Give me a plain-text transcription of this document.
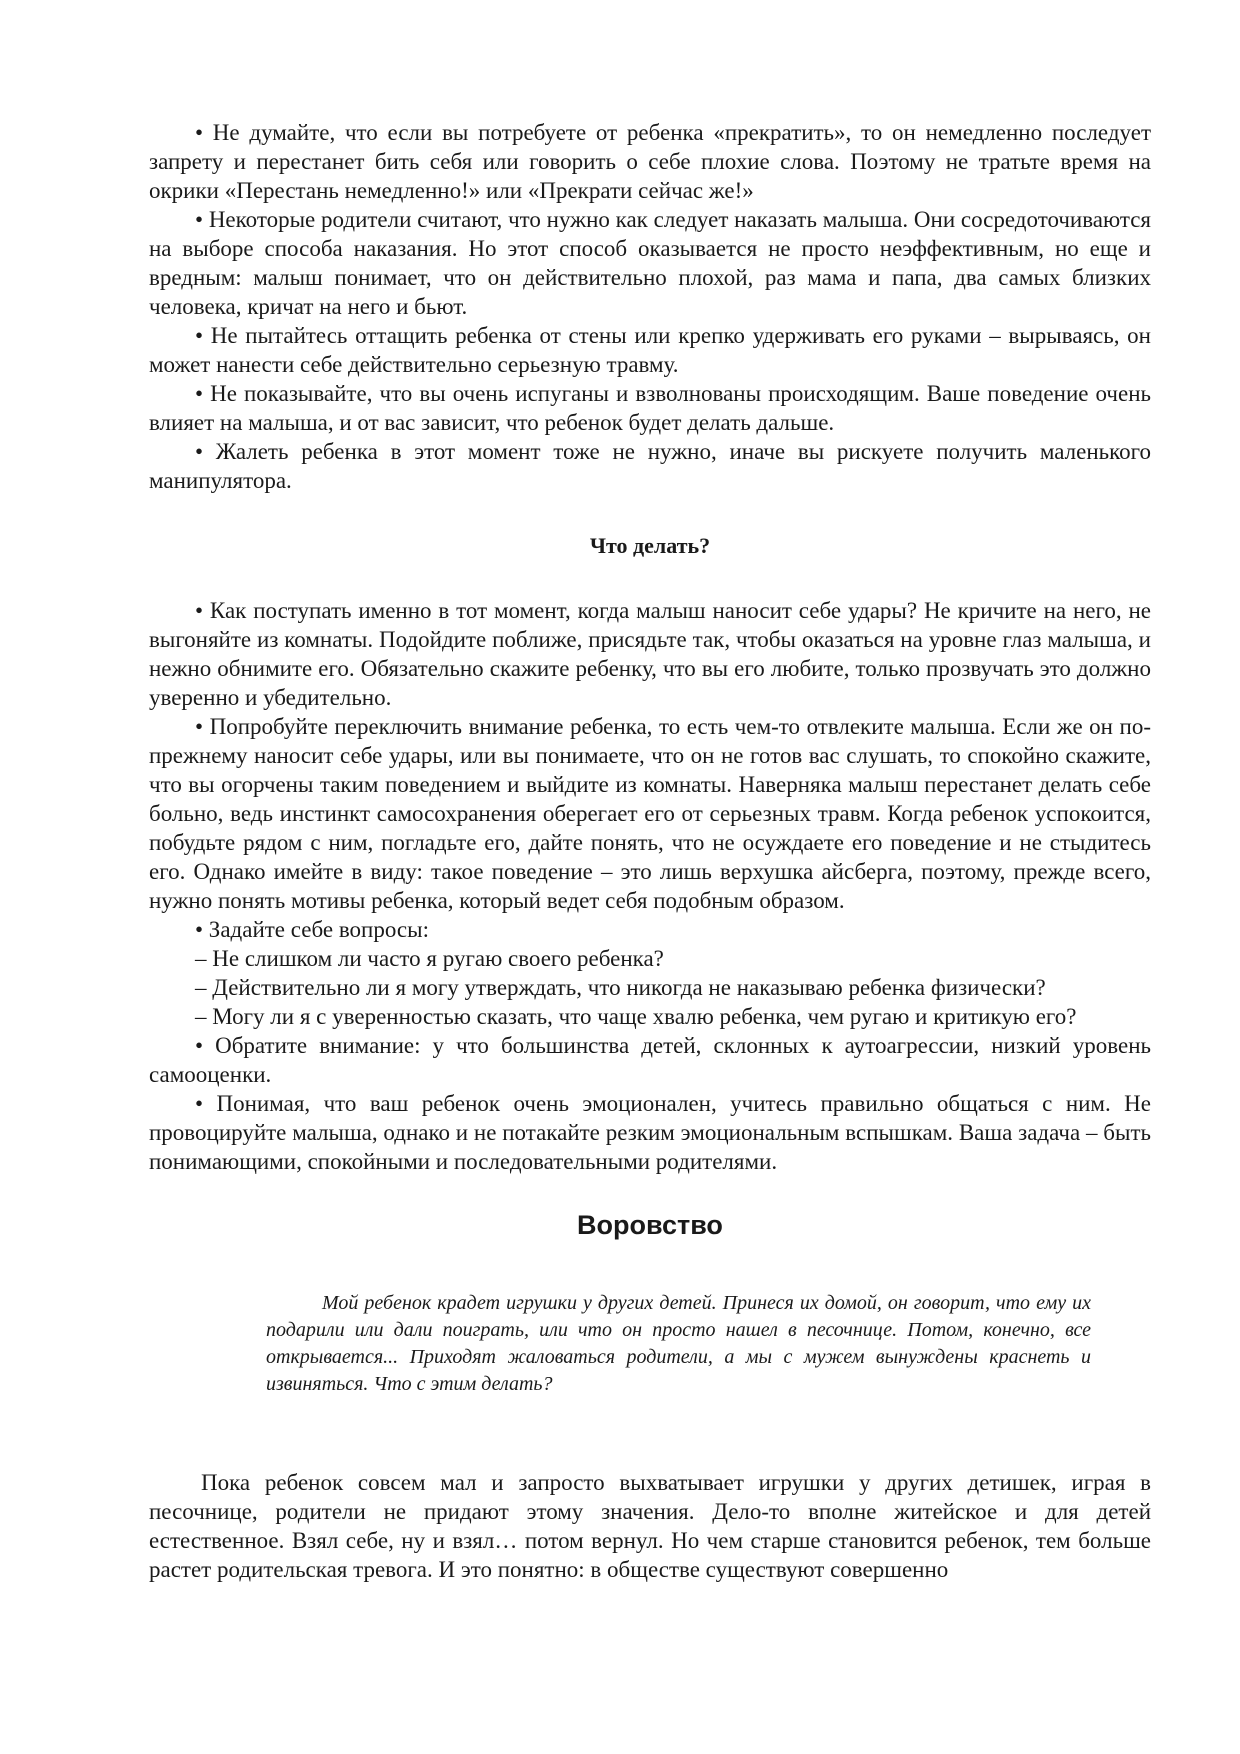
• Не думайте, что если вы потребуете от ребенка «прекратить», то он немедленно последует запрету и перестанет бить себя или говорить о себе плохие слова. Поэтому не тратьте время на окрики «Перестань немедленно!» или «Прекрати сейчас же!»

• Некоторые родители считают, что нужно как следует наказать малыша. Они сосредоточиваются на выборе способа наказания. Но этот способ оказывается не просто неэффективным, но еще и вредным: малыш понимает, что он действительно плохой, раз мама и папа, два самых близких человека, кричат на него и бьют.

• Не пытайтесь оттащить ребенка от стены или крепко удерживать его руками – вырываясь, он может нанести себе действительно серьезную травму.

• Не показывайте, что вы очень испуганы и взволнованы происходящим. Ваше поведение очень влияет на малыша, и от вас зависит, что ребенок будет делать дальше.

• Жалеть ребенка в этот момент тоже не нужно, иначе вы рискуете получить маленького манипулятора.

Что делать?

• Как поступать именно в тот момент, когда малыш наносит себе удары? Не кричите на него, не выгоняйте из комнаты. Подойдите поближе, присядьте так, чтобы оказаться на уровне глаз малыша, и нежно обнимите его. Обязательно скажите ребенку, что вы его любите, только прозвучать это должно уверенно и убедительно.

• Попробуйте переключить внимание ребенка, то есть чем-то отвлеките малыша. Если же он по-прежнему наносит себе удары, или вы понимаете, что он не готов вас слушать, то спокойно скажите, что вы огорчены таким поведением и выйдите из комнаты. Наверняка малыш перестанет делать себе больно, ведь инстинкт самосохранения оберегает его от серьезных травм. Когда ребенок успокоится, побудьте рядом с ним, погладьте его, дайте понять, что не осуждаете его поведение и не стыдитесь его. Однако имейте в виду: такое поведение – это лишь верхушка айсберга, поэтому, прежде всего, нужно понять мотивы ребенка, который ведет себя подобным образом.

• Задайте себе вопросы:

– Не слишком ли часто я ругаю своего ребенка?

– Действительно ли я могу утверждать, что никогда не наказываю ребенка физически?

– Могу ли я с уверенностью сказать, что чаще хвалю ребенка, чем ругаю и критикую его?

• Обратите внимание: у что большинства детей, склонных к аутоагрессии, низкий уровень самооценки.

• Понимая, что ваш ребенок очень эмоционален, учитесь правильно общаться с ним. Не провоцируйте малыша, однако и не потакайте резким эмоциональным вспышкам. Ваша задача – быть понимающими, спокойными и последовательными родителями.

Воровство

Мой ребенок крадет игрушки у других детей. Принеся их домой, он говорит, что ему их подарили или дали поиграть, или что он просто нашел в песочнице. Потом, конечно, все открывается... Приходят жаловаться родители, а мы с мужем вынуждены краснеть и извиняться. Что с этим делать?

Пока ребенок совсем мал и запросто выхватывает игрушки у других детишек, играя в песочнице, родители не придают этому значения. Дело-то вполне житейское и для детей естественное. Взял себе, ну и взял… потом вернул. Но чем старше становится ребенок, тем больше растет родительская тревога. И это понятно: в обществе существуют совершенно
